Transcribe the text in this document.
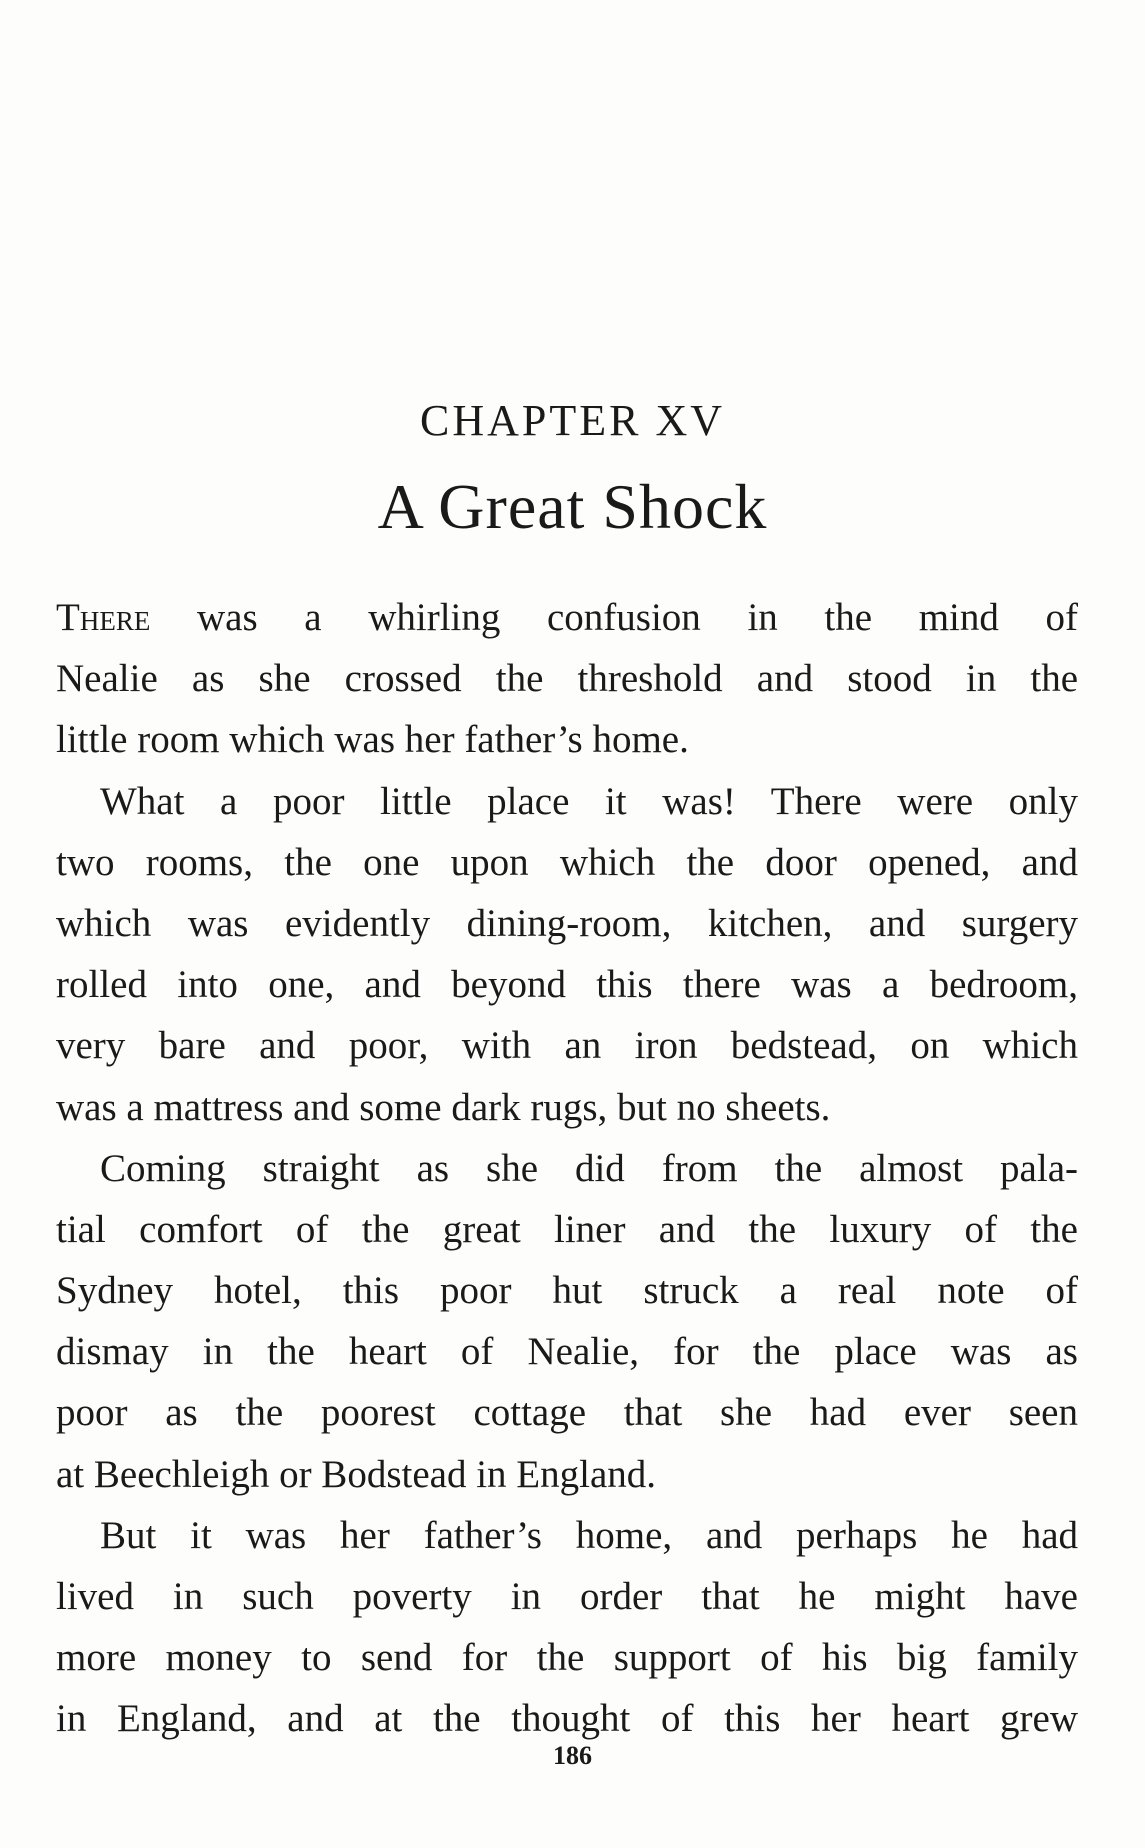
CHAPTER XV
A Great Shock
There was a whirling confusion in the mind of
Nealie as she crossed the threshold and stood in the
little room which was her father’s home.
What a poor little place it was! There were only
two rooms, the one upon which the door opened, and
which was evidently dining-room, kitchen, and surgery
rolled into one, and beyond this there was a bedroom,
very bare and poor, with an iron bedstead, on which
was a mattress and some dark rugs, but no sheets.
Coming straight as she did from the almost pala-
tial comfort of the great liner and the luxury of the
Sydney hotel, this poor hut struck a real note of
dismay in the heart of Nealie, for the place was as
poor as the poorest cottage that she had ever seen
at Beechleigh or Bodstead in England.
But it was her father’s home, and perhaps he had
lived in such poverty in order that he might have
more money to send for the support of his big family
in England, and at the thought of this her heart grew
186
